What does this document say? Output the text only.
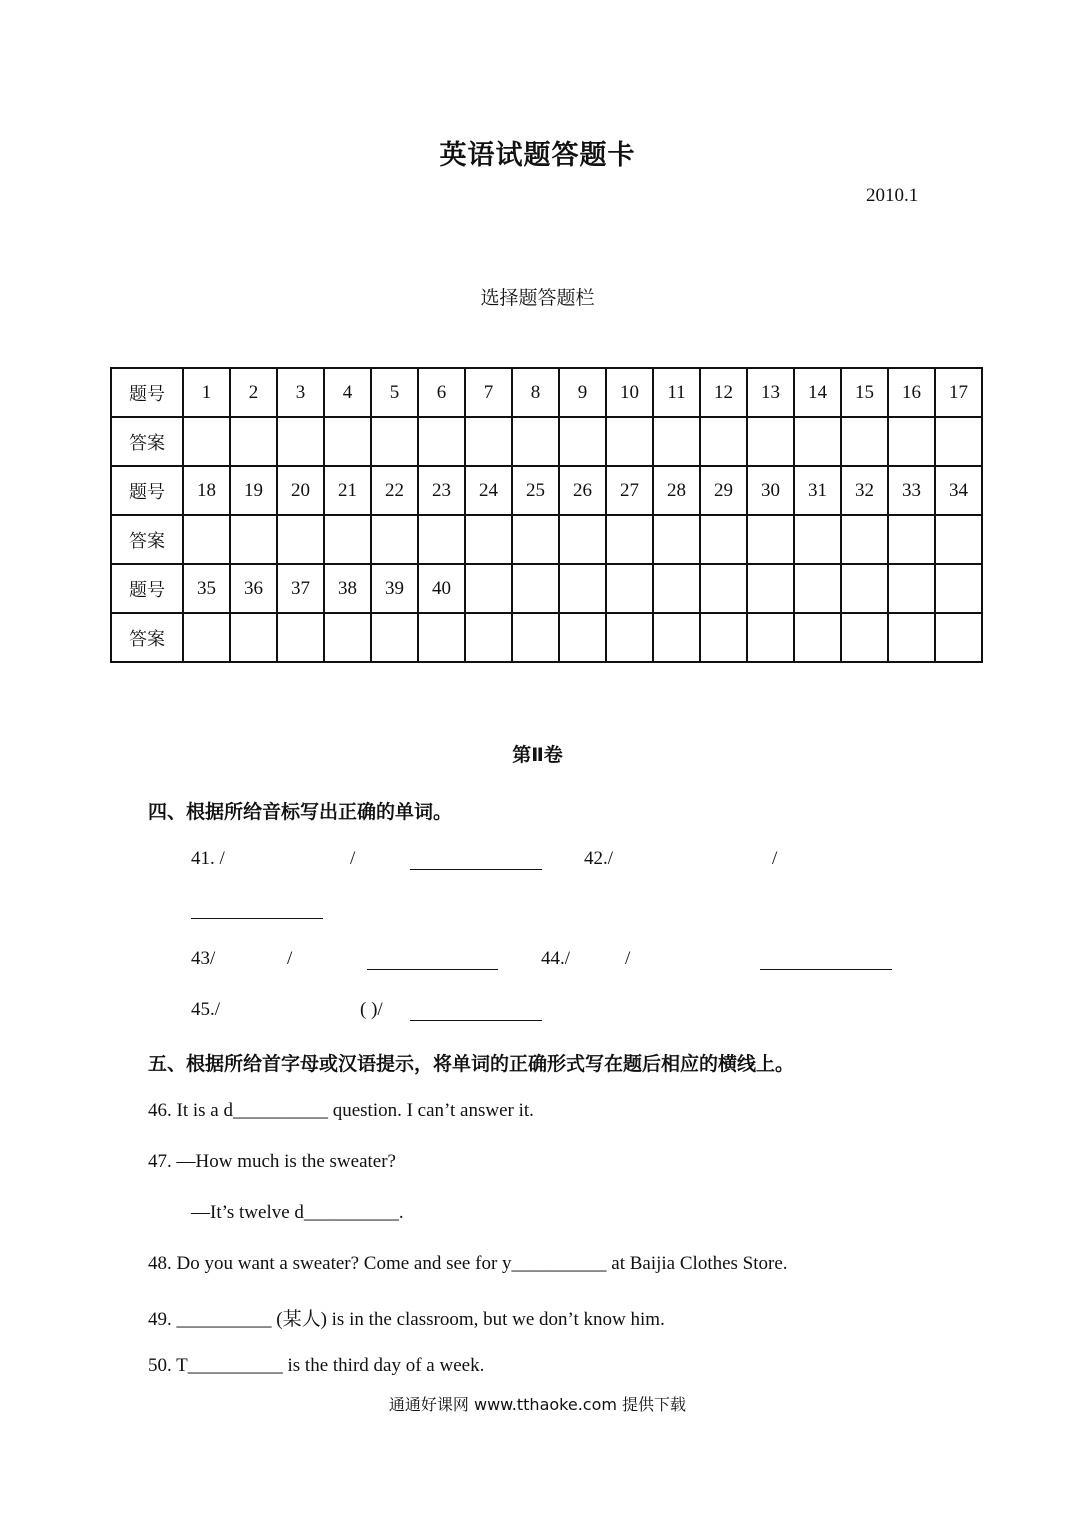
英语试题答题卡
2010.1
选择题答题栏
题号	1	2	3	4	5	6	7	8	9	10	11	12	13	14	15	16	17
答案																	
题号	18	19	20	21	22	23	24	25	26	27	28	29	30	31	32	33	34
答案																	
题号	35	36	37	38	39	40											
答案																	
第Ⅱ卷
四、根据所给音标写出正确的单词。
41. /	/	42./	/
43/	/	44./	/
45./	( )/
五、根据所给首字母或汉语提示，将单词的正确形式写在题后相应的横线上。
46. It is a d__________ question. I can’t answer it.
47. —How much is the sweater?
—It’s twelve d__________.
48. Do you want a sweater? Come and see for y__________ at Baijia Clothes Store.
49. __________ (某人) is in the classroom, but we don’t know him.
50. T__________ is the third day of a week.
通通好课网 www.tthaoke.com 提供下载
